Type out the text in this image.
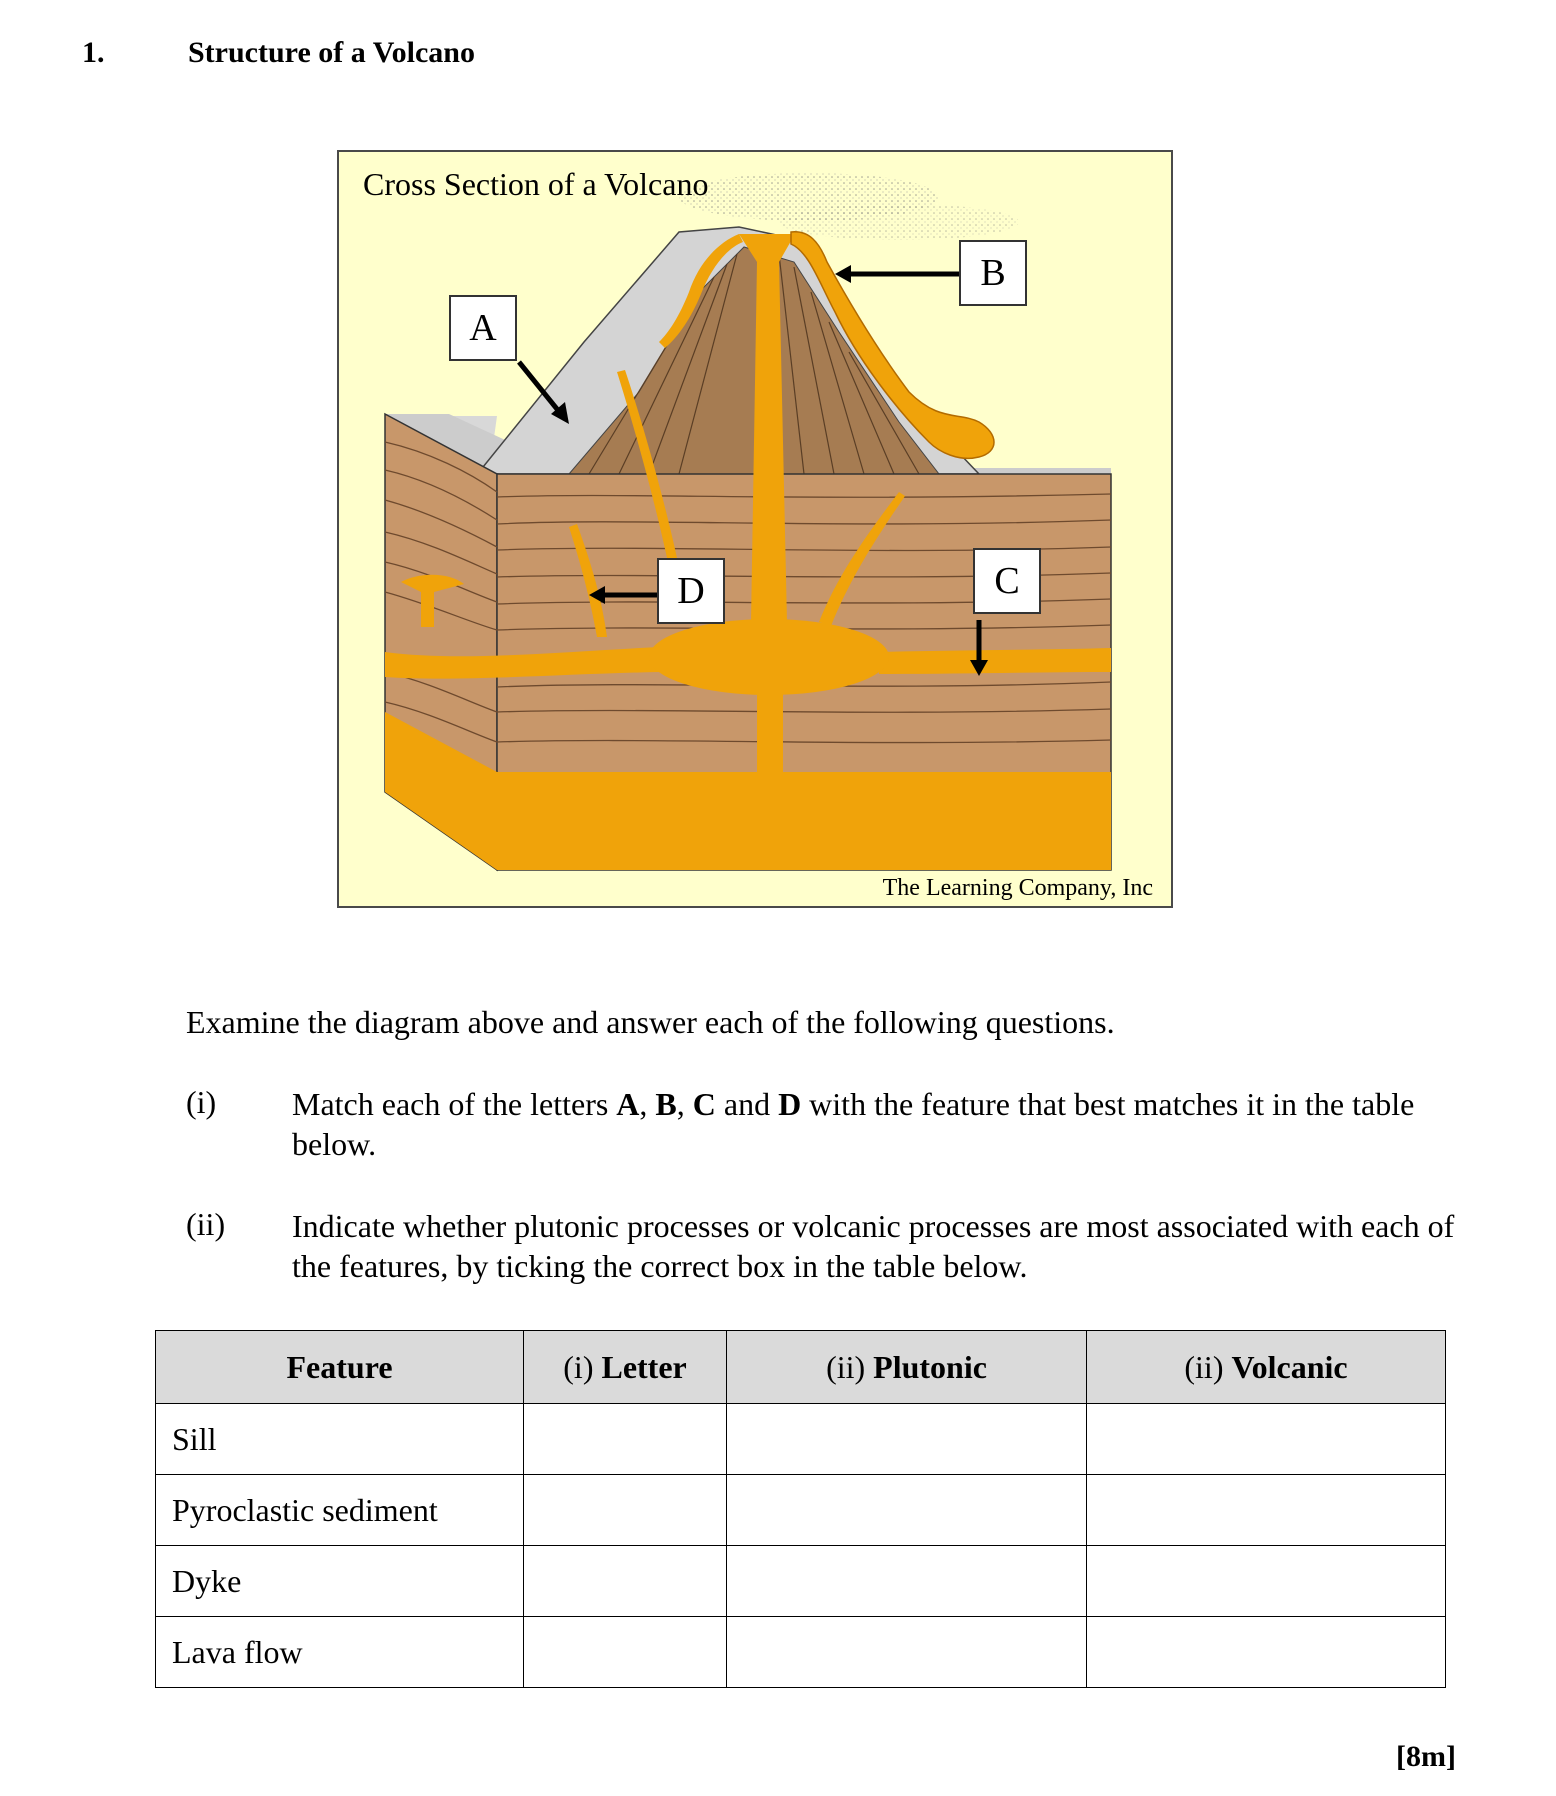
1.	Structure of a Volcano
Cross Section of a Volcano
A
B
C
D
The Learning Company, Inc
Examine the diagram above and answer each of the following questions.
(i) Match each of the letters A, B, C and D with the feature that best matches it in the table below.
(ii) Indicate whether plutonic processes or volcanic processes are most associated with each of the features, by ticking the correct box in the table below.
Feature	(i) Letter	(ii) Plutonic	(ii) Volcanic
Sill			
Pyroclastic sediment			
Dyke			
Lava flow			
[8m]
